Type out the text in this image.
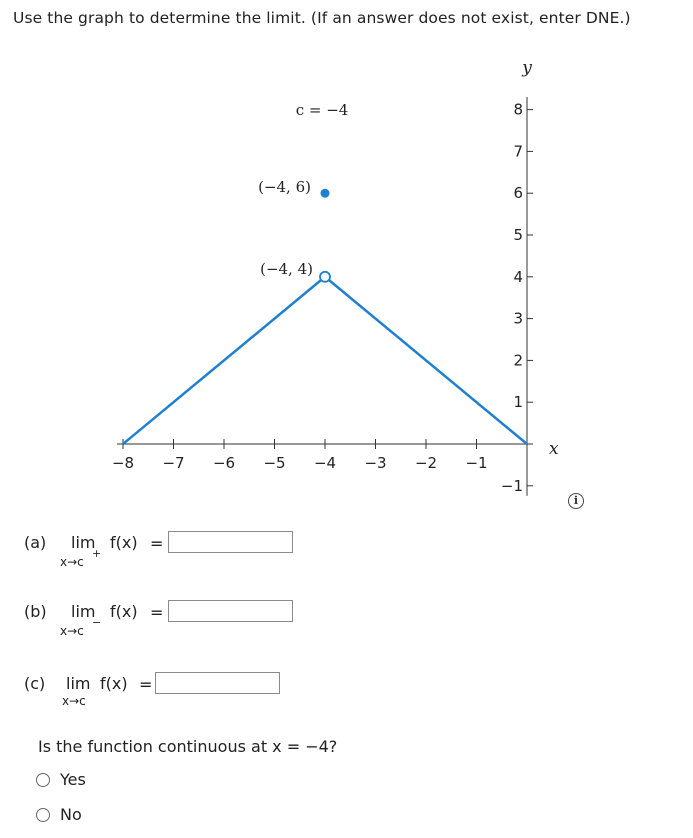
Use the graph to determine the limit. (If an answer does not exist, enter DNE.)
−8 −7 −6 −5 −4 −3 −2 −1
8
7
6
5
4
3
2
1
−1
y
x
c = −4
(−4, 4)
(−4, 6)
i
(a) lim f(x) =
x→c
+
(b) lim f(x) =
x→c
−
(c) lim f(x) =
x→c
Is the function continuous at x = −4?
Yes
No
